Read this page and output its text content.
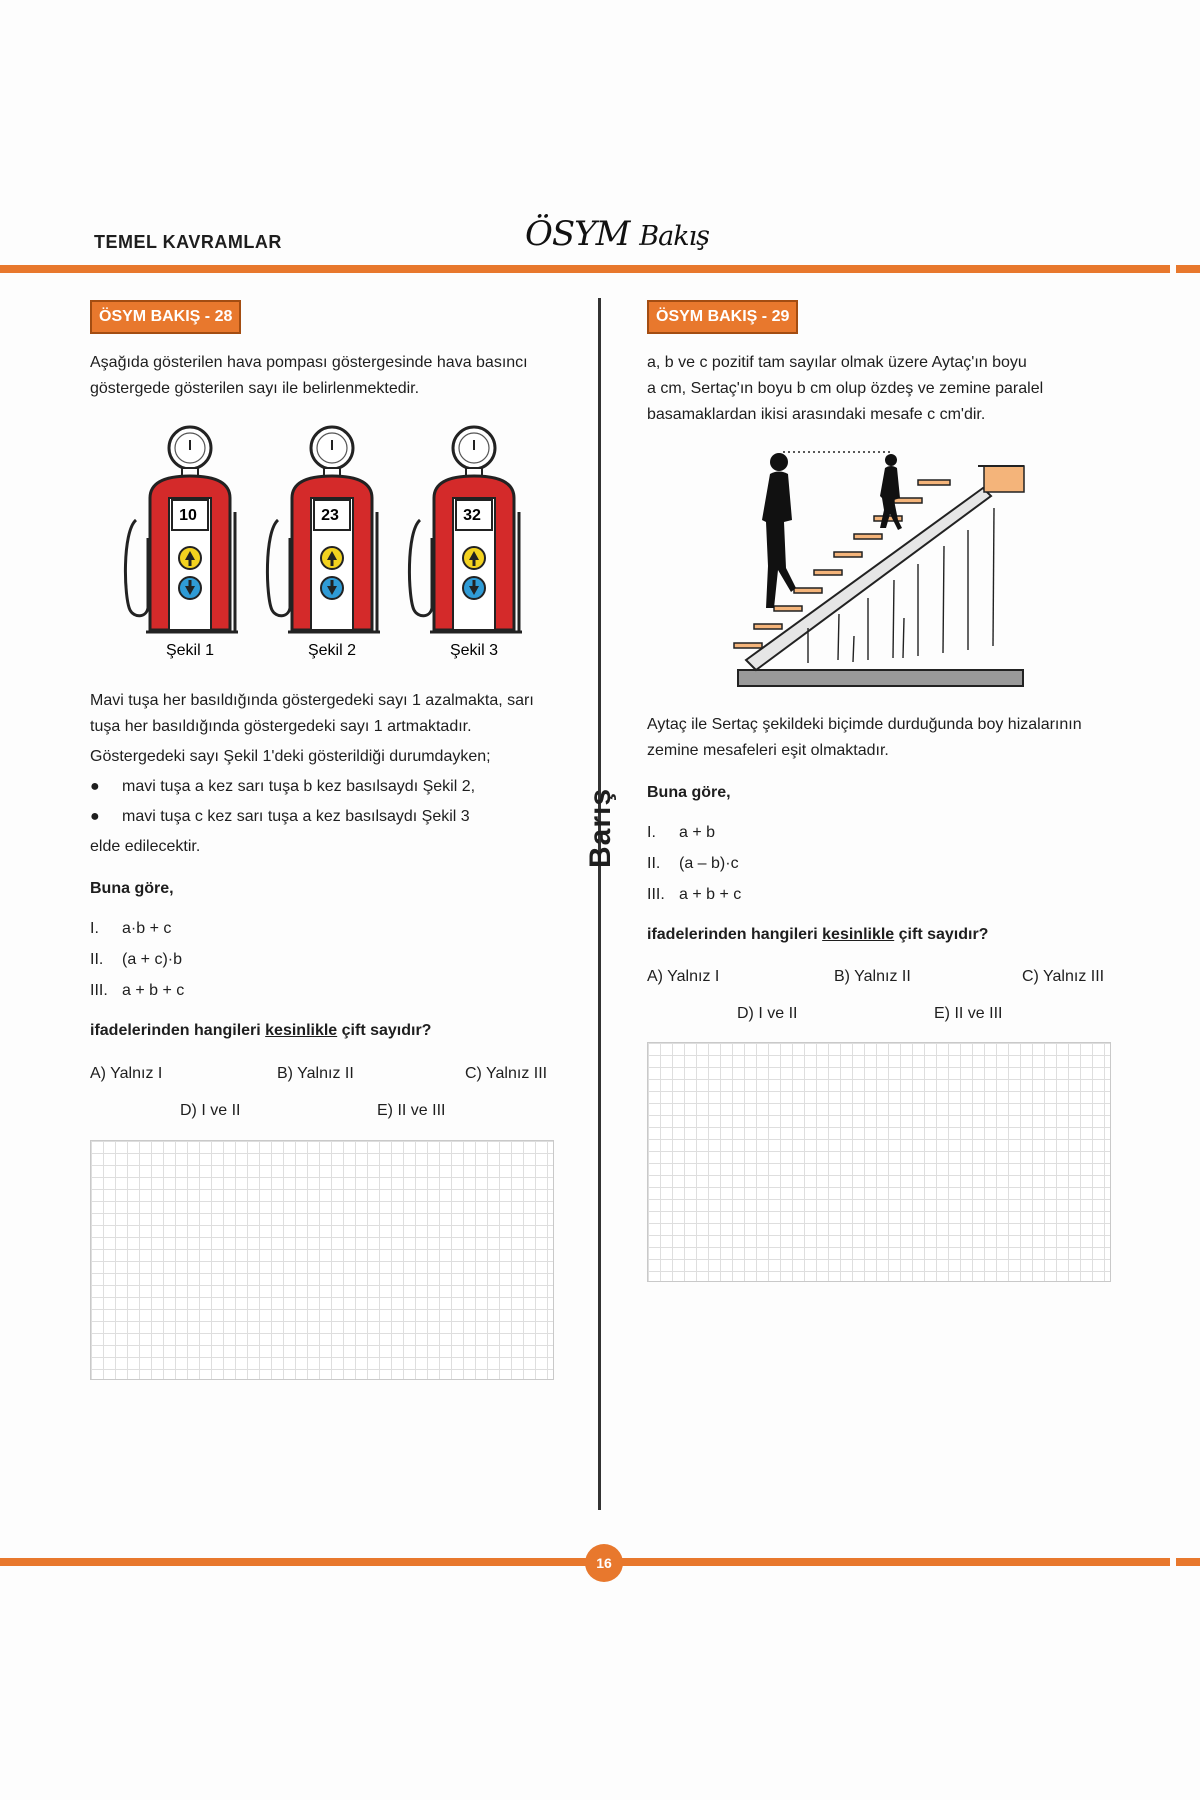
TEMEL KAVRAMLAR	ÖSYM Bakış
Barış
ÖSYM BAKIŞ - 28

Aşağıda gösterilen hava pompası göstergesinde hava basıncı

göstergede gösterilen sayı ile belirlenmektedir.

10	23	32
Şekil 1	Şekil 2	Şekil 3

Mavi tuşa her basıldığında göstergedeki sayı 1 azalmakta, sarı

tuşa her basıldığında göstergedeki sayı 1 artmaktadır.

Göstergedeki sayı Şekil 1'deki gösterildiği durumdayken;

●	mavi tuşa a kez sarı tuşa b kez basılsaydı Şekil 2,
●	mavi tuşa c kez sarı tuşa a kez basılsaydı Şekil 3

elde edilecektir.

Buna göre,

I.	a·b + c
II.	(a + c)·b
III. a + b + c

ifadelerinden hangileri kesinlikle çift sayıdır?

A) Yalnız I	B) Yalnız II	C) Yalnız III
D) I ve II	E) II ve III
ÖSYM BAKIŞ - 29

a, b ve c pozitif tam sayılar olmak üzere Aytaç'ın boyu

a cm, Sertaç'ın boyu b cm olup özdeş ve zemine paralel

basamaklardan ikisi arasındaki mesafe c cm'dir.

Aytaç ile Sertaç şekildeki biçimde durduğunda boy hizalarının

zemine mesafeleri eşit olmaktadır.

Buna göre,

I.	a + b
II.	(a – b)·c
III. a + b + c

ifadelerinden hangileri kesinlikle çift sayıdır?

A) Yalnız I	B) Yalnız II	C) Yalnız III
D) I ve II	E) II ve III
16
